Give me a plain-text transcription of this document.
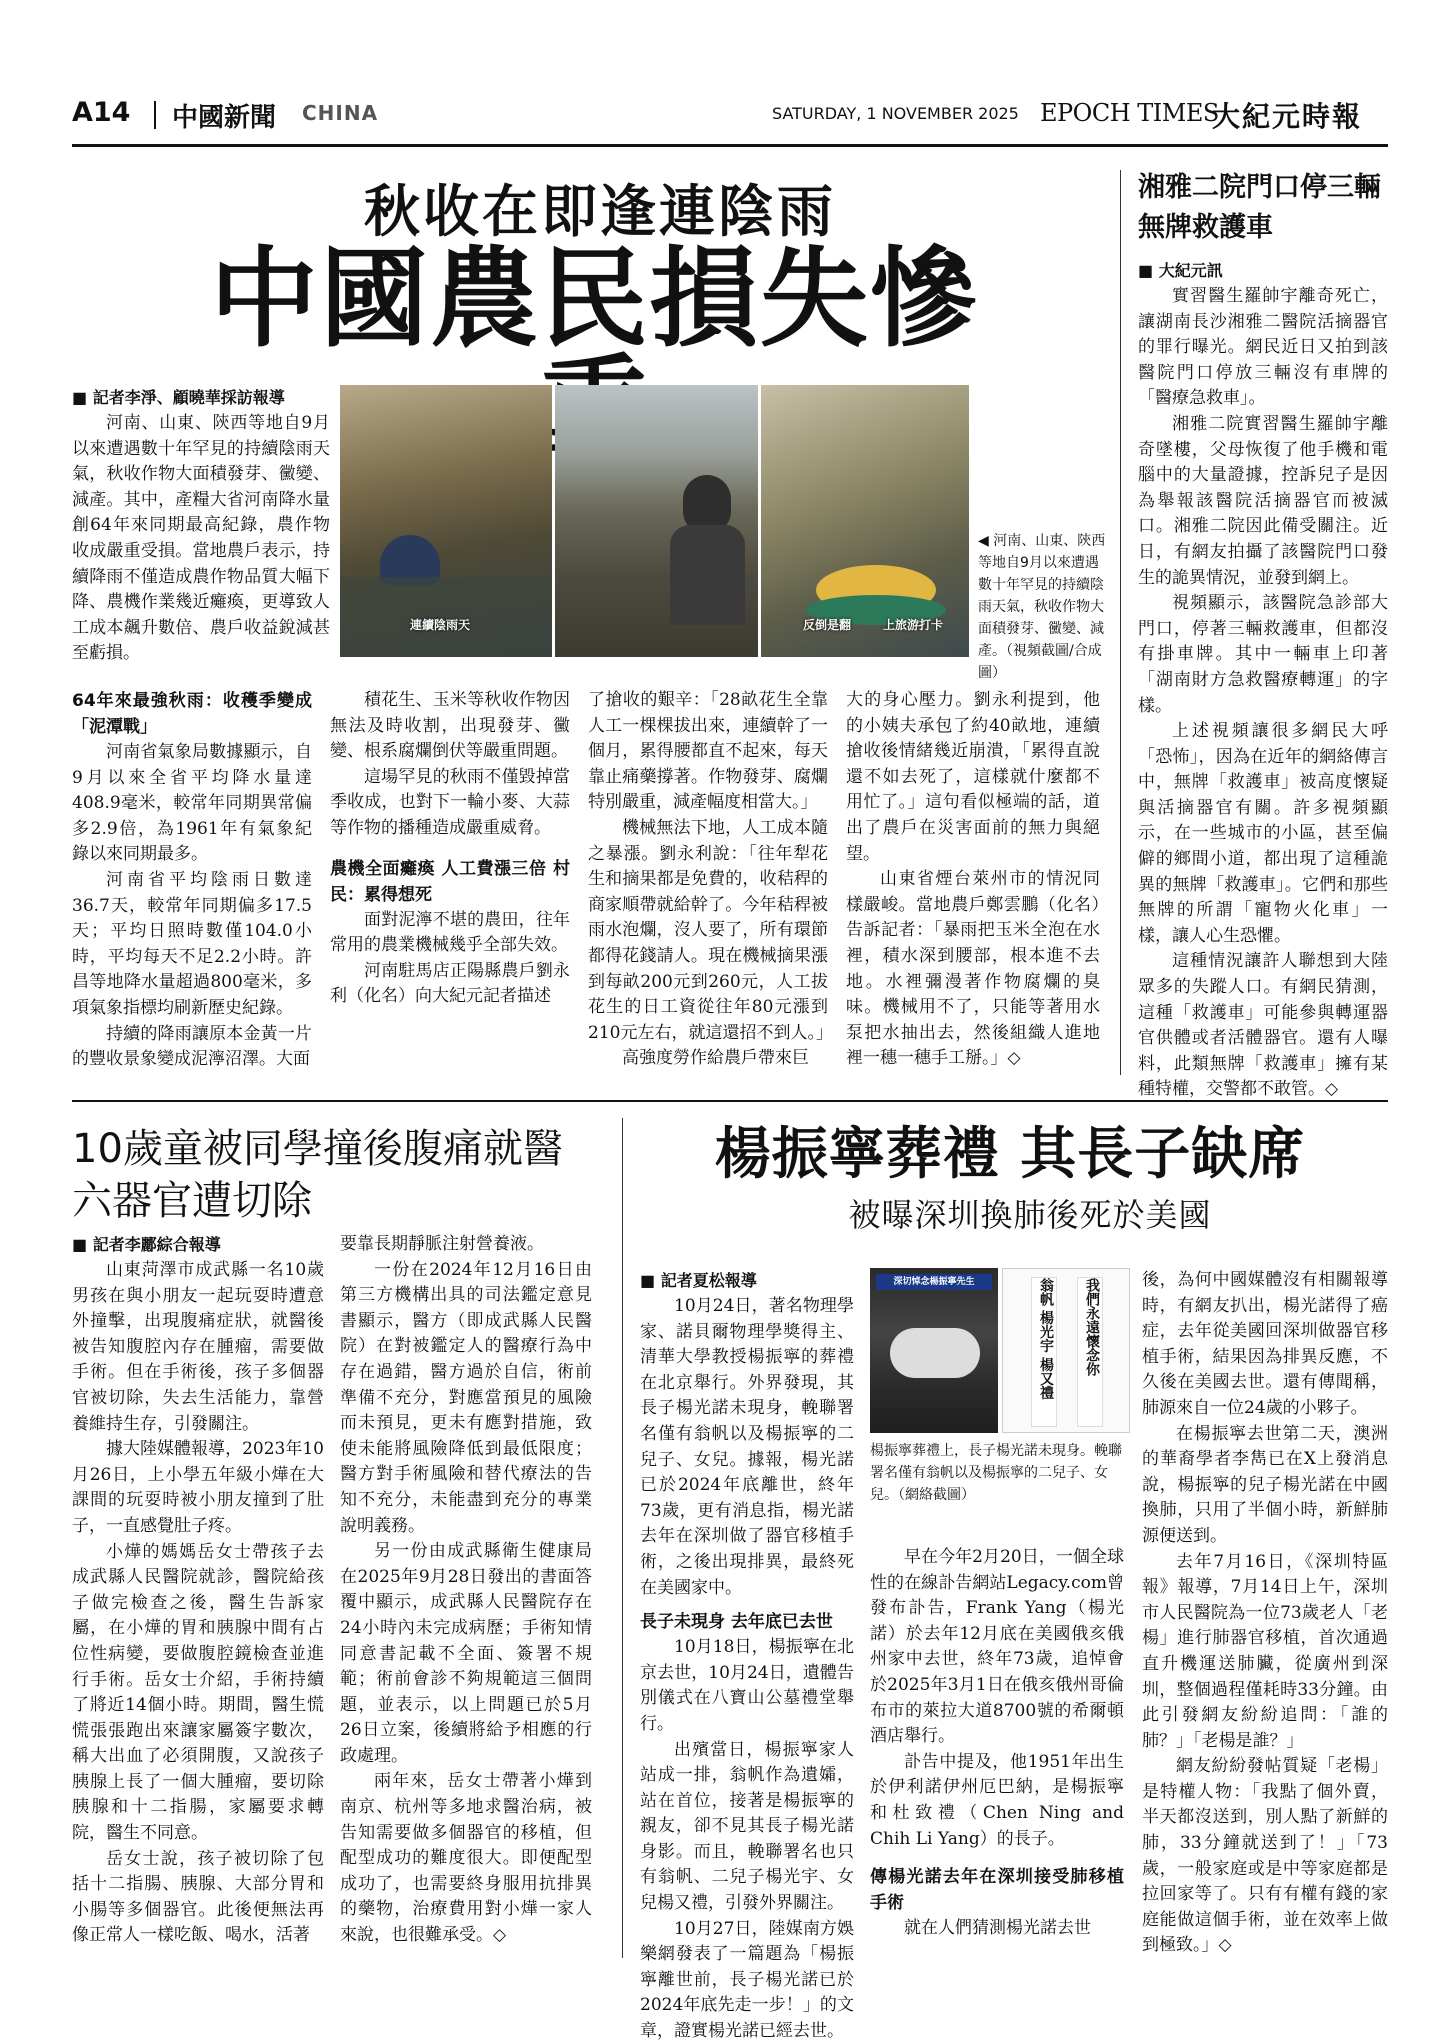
A14 中國新聞 CHINA	SATURDAY, 1 NOVEMBER 2025 EPOCH TIMES
大紀元時報
秋收在即逢連陰雨
中國農民損失慘
■ 記者李淨、顧曉華採訪報導

河南、山東、陝西等地自9月以來遭遇數十年罕見的持續陰雨天氣，秋收作物大面積發芽、黴變、減產。其中，產糧大省河南降水量創64年來同期最高紀錄，農作物收成嚴重受損。當地農戶表示，持續降雨不僅造成農作物品質大幅下降、農機作業幾近癱瘓，更導致人工成本飆升數倍、農戶收益銳減甚至虧損。

連續陰雨天	反倒是翻	上旅游打卡
◀ 河南、山東、陝西等地自9月以來遭遇數十年罕見的持續陰雨天氣，秋收作物大面積發芽、黴變、減產。（視頻截圖/合成圖）
64年來最強秋雨：收穫季變成「泥潭戰」

河南省氣象局數據顯示，自9月以來全省平均降水量達408.9毫米，較常年同期異常偏多2.9倍，為1961年有氣象紀錄以來同期最多。

河南省平均陰雨日數達36.7天，較常年同期偏多17.5天；平均日照時數僅104.0小時，平均每天不足2.2小時。許昌等地降水量超過800毫米，多項氣象指標均刷新歷史紀錄。

持續的降雨讓原本金黃一片的豐收景象變成泥濘沼澤。大面

積花生、玉米等秋收作物因無法及時收割，出現發芽、黴變、根系腐爛倒伏等嚴重問題。

這場罕見的秋雨不僅毀掉當季收成，也對下一輪小麥、大蒜等作物的播種造成嚴重威脅。

農機全面癱瘓 人工費漲三倍 村民：累得想死

面對泥濘不堪的農田，往年常用的農業機械幾乎全部失效。

河南駐馬店正陽縣農戶劉永利（化名）向大紀元記者描述

了搶收的艱辛：「28畝花生全靠人工一棵棵拔出來，連續幹了一個月，累得腰都直不起來，每天靠止痛藥撐著。作物發芽、腐爛特別嚴重，減產幅度相當大。」

機械無法下地，人工成本隨之暴漲。劉永利說：「往年犁花生和摘果都是免費的，收秸稈的商家順帶就給幹了。今年秸稈被雨水泡爛，沒人要了，所有環節都得花錢請人。現在機械摘果漲到每畝200元到260元，人工拔花生的日工資從往年80元漲到210元左右，就這還招不到人。」

高強度勞作給農戶帶來巨

大的身心壓力。劉永利提到，他的小姨夫承包了約40畝地，連續搶收後情緒幾近崩潰，「累得直說還不如去死了，這樣就什麼都不用忙了。」這句看似極端的話，道出了農戶在災害面前的無力與絕望。

山東省煙台萊州市的情況同樣嚴峻。當地農戶鄭雲鵬（化名）告訴記者：「暴雨把玉米全泡在水裡，積水深到腰部，根本進不去地。水裡彌漫著作物腐爛的臭味。機械用不了，只能等著用水泵把水抽出去，然後組織人進地裡一穗一穗手工掰。」◇

湘雅二院門口停三輛無牌救護車
■ 大紀元訊

實習醫生羅帥宇離奇死亡，讓湖南長沙湘雅二醫院活摘器官的罪行曝光。網民近日又拍到該醫院門口停放三輛沒有車牌的「醫療急救車」。

湘雅二院實習醫生羅帥宇離奇墜樓，父母恢復了他手機和電腦中的大量證據，控訴兒子是因為舉報該醫院活摘器官而被滅口。湘雅二院因此備受關注。近日，有網友拍攝了該醫院門口發生的詭異情況，並發到網上。

視頻顯示，該醫院急診部大門口，停著三輛救護車，但都沒有掛車牌。其中一輛車上印著「湖南財方急救醫療轉運」的字樣。

上述視頻讓很多網民大呼「恐怖」，因為在近年的網絡傳言中，無牌「救護車」被高度懷疑與活摘器官有關。許多視頻顯示，在一些城市的小區，甚至偏僻的鄉間小道，都出現了這種詭異的無牌「救護車」。它們和那些無牌的所謂「寵物火化車」一樣，讓人心生恐懼。

這種情況讓許人聯想到大陸眾多的失蹤人口。有網民猜測，這種「救護車」可能參與轉運器官供體或者活體器官。還有人曝料，此類無牌「救護車」擁有某種特權，交警都不敢管。◇

10歲童被同學撞後腹痛就醫 六器官遭切除
■ 記者李酈綜合報導

山東菏澤市成武縣一名10歲男孩在與小朋友一起玩耍時遭意外撞擊，出現腹痛症狀，就醫後被告知腹腔內存在腫瘤，需要做手術。但在手術後，孩子多個器官被切除，失去生活能力，靠營養維持生存，引發關注。

據大陸媒體報導，2023年10月26日，上小學五年級小燁在大課間的玩耍時被小朋友撞到了肚子，一直感覺肚子疼。

小燁的媽媽岳女士帶孩子去成武縣人民醫院就診，醫院給孩子做完檢查之後，醫生告訴家屬，在小燁的胃和胰腺中間有占位性病變，要做腹腔鏡檢查並進行手術。岳女士介紹，手術持續了將近14個小時。期間，醫生慌慌張張跑出來讓家屬簽字數次，稱大出血了必須開腹，又說孩子胰腺上長了一個大腫瘤，要切除胰腺和十二指腸，家屬要求轉院，醫生不同意。

岳女士說，孩子被切除了包括十二指腸、胰腺、大部分胃和小腸等多個器官。此後便無法再像正常人一樣吃飯、喝水，活著

要靠長期靜脈注射營養液。

一份在2024年12月16日由第三方機構出具的司法鑑定意見書顯示，醫方（即成武縣人民醫院）在對被鑑定人的醫療行為中存在過錯，醫方過於自信，術前準備不充分，對應當預見的風險而未預見，更未有應對措施，致使未能將風險降低到最低限度；醫方對手術風險和替代療法的告知不充分，未能盡到充分的專業說明義務。

另一份由成武縣衛生健康局在2025年9月28日發出的書面答覆中顯示，成武縣人民醫院存在24小時內未完成病歷；手術知情同意書記載不全面、簽署不規範；術前會診不夠規範這三個問題，並表示，以上問題已於5月26日立案，後續將給予相應的行政處理。

兩年來，岳女士帶著小燁到南京、杭州等多地求醫治病，被告知需要做多個器官的移植，但配型成功的難度很大。即便配型成功了，也需要終身服用抗排異的藥物，治療費用對小燁一家人來說，也很難承受。◇

楊振寧葬禮 其長子缺席
被曝深圳換肺後死於美國
■ 記者夏松報導

10月24日，著名物理學家、諾貝爾物理學獎得主、清華大學教授楊振寧的葬禮在北京舉行。外界發現，其長子楊光諾未現身，輓聯署名僅有翁帆以及楊振寧的二兒子、女兒。據報，楊光諾已於2024年底離世，終年73歲，更有消息指，楊光諾去年在深圳做了器官移植手術，之後出現排異，最終死在美國家中。

長子未現身 去年底已去世

10月18日，楊振寧在北京去世，10月24日，遺體告別儀式在八寶山公墓禮堂舉行。

出殯當日，楊振寧家人站成一排，翁帆作為遺孀，站在首位，接著是楊振寧的親友，卻不見其長子楊光諾身影。而且，輓聯署名也只有翁帆、二兒子楊光宇、女兒楊又禮，引發外界關注。

10月27日，陸媒南方娛樂網發表了一篇題為「楊振寧離世前，長子楊光諾已於2024年底先走一步！」的文章，證實楊光諾已經去世。

深切悼念楊振寧先生	翁帆 楊光宇 楊又禮	我們永遠懷念你
楊振寧葬禮上，長子楊光諾未現身。輓聯署名僅有翁帆以及楊振寧的二兒子、女兒。（網絡截圖）

早在今年2月20日，一個全球性的在線訃告網站Legacy.com曾發布訃告，Frank Yang（楊光諾）於去年12月底在美國俄亥俄州家中去世，終年73歲，追悼會於2025年3月1日在俄亥俄州哥倫布市的萊拉大道8700號的希爾頓酒店舉行。

訃告中提及，他1951年出生於伊利諾伊州厄巴納，是楊振寧和杜致禮（Chen Ning and Chih Li Yang）的長子。

傳楊光諾去年在深圳接受肺移植手術

就在人們猜測楊光諾去世

後，為何中國媒體沒有相關報導時，有網友扒出，楊光諾得了癌症，去年從美國回深圳做器官移植手術，結果因為排異反應，不久後在美國去世。還有傳聞稱，肺源來自一位24歲的小夥子。

在楊振寧去世第二天，澳洲的華裔學者李雋已在X上發消息說，楊振寧的兒子楊光諾在中國換肺，只用了半個小時，新鮮肺源便送到。

去年7月16日，《深圳特區報》報導，7月14日上午，深圳市人民醫院為一位73歲老人「老楊」進行肺器官移植，首次通過直升機運送肺臟，從廣州到深圳，整個過程僅耗時33分鐘。由此引發網友紛紛追問：「誰的肺？」「老楊是誰？」

網友紛紛發帖質疑「老楊」是特權人物：「我點了個外賣，半天都沒送到，別人點了新鮮的肺，33分鐘就送到了！」「73歲，一般家庭或是中等家庭都是拉回家等了。只有有權有錢的家庭能做這個手術，並在效率上做到極致。」◇
